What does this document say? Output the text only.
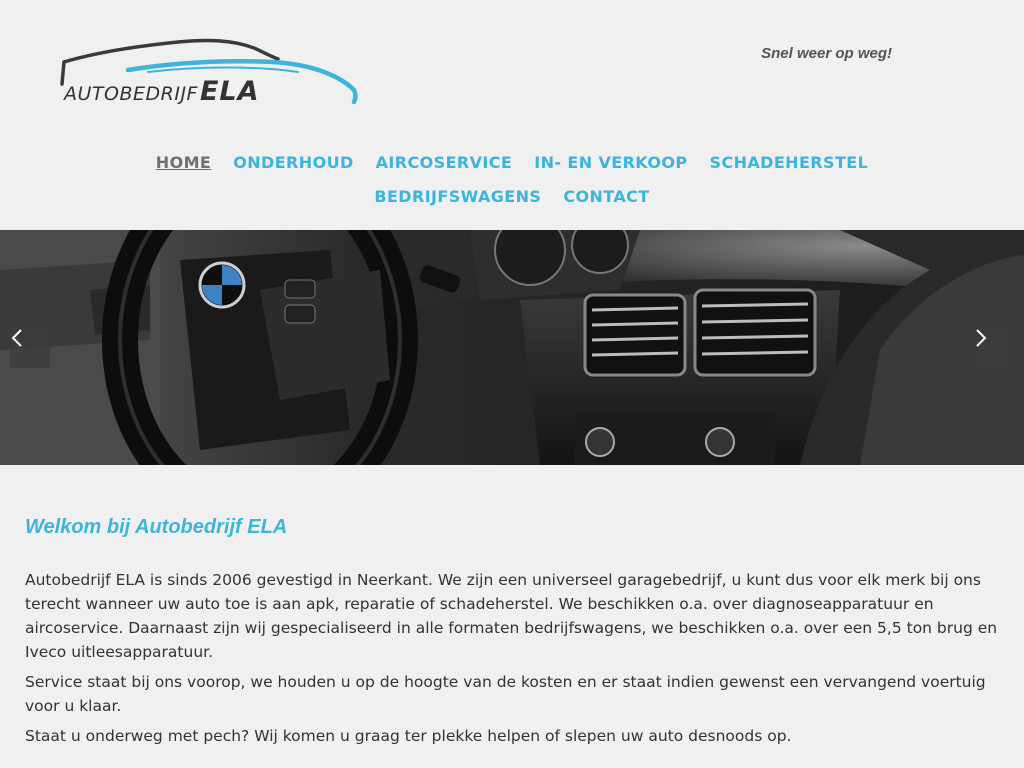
AUTOBEDRIJFELA
Snel weer op weg!
HOME ONDERHOUD AIRCOSERVICE IN- EN VERKOOP SCHADEHERSTEL
BEDRIJFSWAGENS CONTACT
Welkom bij Autobedrijf ELA

Autobedrijf ELA is sinds 2006 gevestigd in Neerkant. We zijn een universeel garagebedrijf, u kunt dus voor elk merk bij ons terecht wanneer uw auto toe is aan apk, reparatie of schadeherstel. We beschikken o.a. over diagnoseapparatuur en aircoservice. Daarnaast zijn wij gespecialiseerd in alle formaten bedrijfswagens, we beschikken o.a. over een 5,5 ton brug en Iveco uitleesapparatuur.

Service staat bij ons voorop, we houden u op de hoogte van de kosten en er staat indien gewenst een vervangend voertuig voor u klaar.

Staat u onderweg met pech? Wij komen u graag ter plekke helpen of slepen uw auto desnoods op.
